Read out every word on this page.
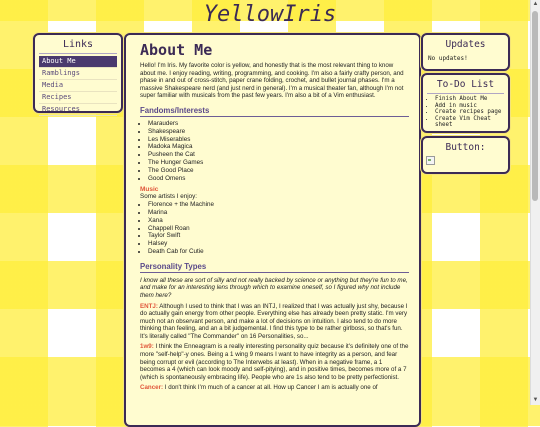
YellowIris
Links
About Me
Ramblings
Media
Recipes
Resources
About Me

Hello! I'm Iris. My favorite color is yellow, and honestly that is the most relevant thing to know about me. I enjoy reading, writing, programming, and cooking. I'm also a fairly crafty person, and phase in and out of cross-stitch, paper crane folding, crochet, and bullet journal phases. I'm a massive Shakespeare nerd (and just nerd in general). I'm a musical theater fan, although I'm not super familiar with musicals from the past few years. I'm also a bit of a Vim enthusiast.

Fandoms/Interests
• Marauders
• Shakespeare
• Les Miserables
• Madoka Magica
• Pusheen the Cat
• The Hunger Games
• The Good Place
• Good Omens
Music
Some artists I enjoy:
• Florence + the Machine
• Marina
• Xana
• Chappell Roan
• Taylor Swift
• Halsey
• Death Cab for Cutie
Personality Types

I know all these are sort of silly and not really backed by science or anything but they're fun to me, and make for an interesting lens through which to examine oneself, so I figured why not include them here?

ENTJ: Although I used to think that I was an INTJ, I realized that I was actually just shy, because I do actually gain energy from other people. Everything else has already been pretty static. I'm very much not an observant person, and make a lot of decisions on intuition. I also tend to do more thinking than feeling, and an a bit judgemental. I find this type to be rather girlboss, so that's fun. It's literally called "The Commander" on 16 Personalities, so...

1w9: I think the Enneagram is a really interesting personality quiz because it's definitely one of the more "self-help"-y ones. Being a 1 wing 9 means I want to have integrity as a person, and fear being corrupt or evil (according to The Interwebs at least). When in a negative frame, a 1 becomes a 4 (which can look moody and self-pitying), and in positive times, becomes more of a 7 (which is spontaneously embracing life). People who are 1s also tend to be pretty perfectionist.

Cancer: I don't think I'm much of a cancer at all. How up Cancer I am is actually one of

Updates
No updates!
To-Do List
• Finish About Me
• Add in music
• Create recipes page
• Create Vim Cheat sheet
Button:
▲
▼
